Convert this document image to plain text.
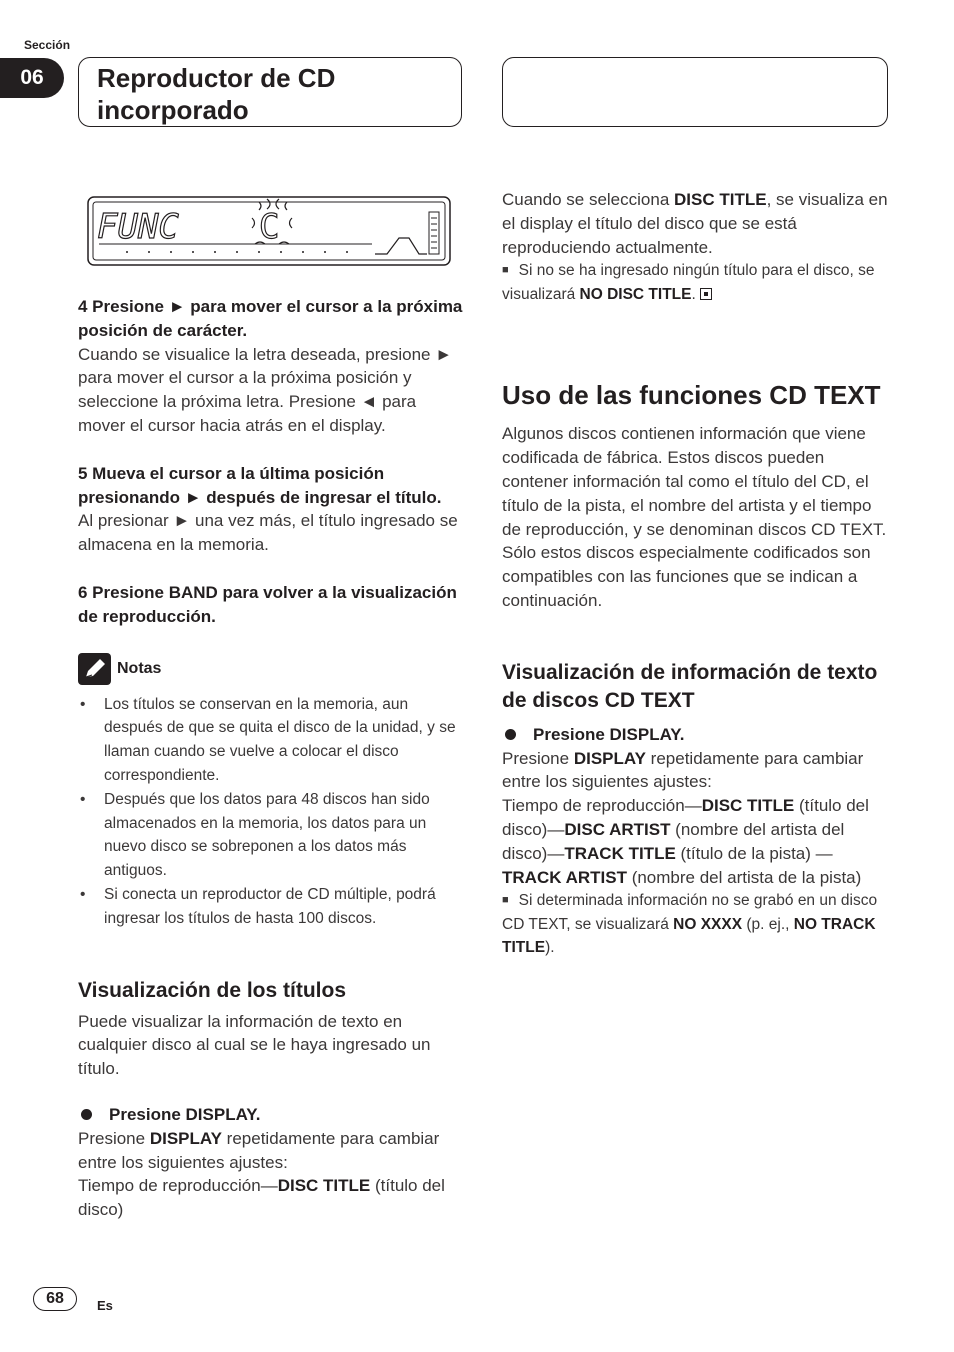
Sección
06	Reproductor de CD
incorporado
FUNC C

4 Presione ► para mover el cursor a la próxima posición de carácter.

Cuando se visualice la letra deseada, presione ► para mover el cursor a la próxima posición y seleccione la próxima letra. Presione ◄ para mover el cursor hacia atrás en el display.

5 Mueva el cursor a la última posición presionando ► después de ingresar el título.

Al presionar ► una vez más, el título ingresado se almacena en la memoria.

6 Presione BAND para volver a la visualización de reproducción.

Notas
• Los títulos se conservan en la memoria, aun después de que se quita el disco de la unidad, y se llaman cuando se vuelve a colocar el disco correspondiente.
• Después que los datos para 48 discos han sido almacenados en la memoria, los datos para un nuevo disco se sobreponen a los datos más antiguos.
• Si conecta un reproductor de CD múltiple, podrá ingresar los títulos de hasta 100 discos.
Visualización de los títulos

Puede visualizar la información de texto en cualquier disco al cual se le haya ingresado un título.

Presione DISPLAY.

Presione DISPLAY repetidamente para cambiar entre los siguientes ajustes:

Tiempo de reproducción—DISC TITLE (título del disco)

Cuando se selecciona DISC TITLE, se visualiza en el display el título del disco que se está reproduciendo actualmente.

■ Si no se ha ingresado ningún título para el disco, se visualizará NO DISC TITLE.

Uso de las funciones CD TEXT

Algunos discos contienen información que viene codificada de fábrica. Estos discos pueden contener información tal como el título del CD, el título de la pista, el nombre del artista y el tiempo de reproducción, y se denominan discos CD TEXT. Sólo estos discos especialmente codificados son compatibles con las funciones que se indican a continuación.

Visualización de información de texto de discos CD TEXT

Presione DISPLAY.

Presione DISPLAY repetidamente para cambiar entre los siguientes ajustes:

Tiempo de reproducción—DISC TITLE (título del disco)—DISC ARTIST (nombre del artista del disco)—TRACK TITLE (título de la pista) —TRACK ARTIST (nombre del artista de la pista)

■ Si determinada información no se grabó en un disco CD TEXT, se visualizará NO XXXX (p. ej., NO TRACK TITLE).

68	Es
